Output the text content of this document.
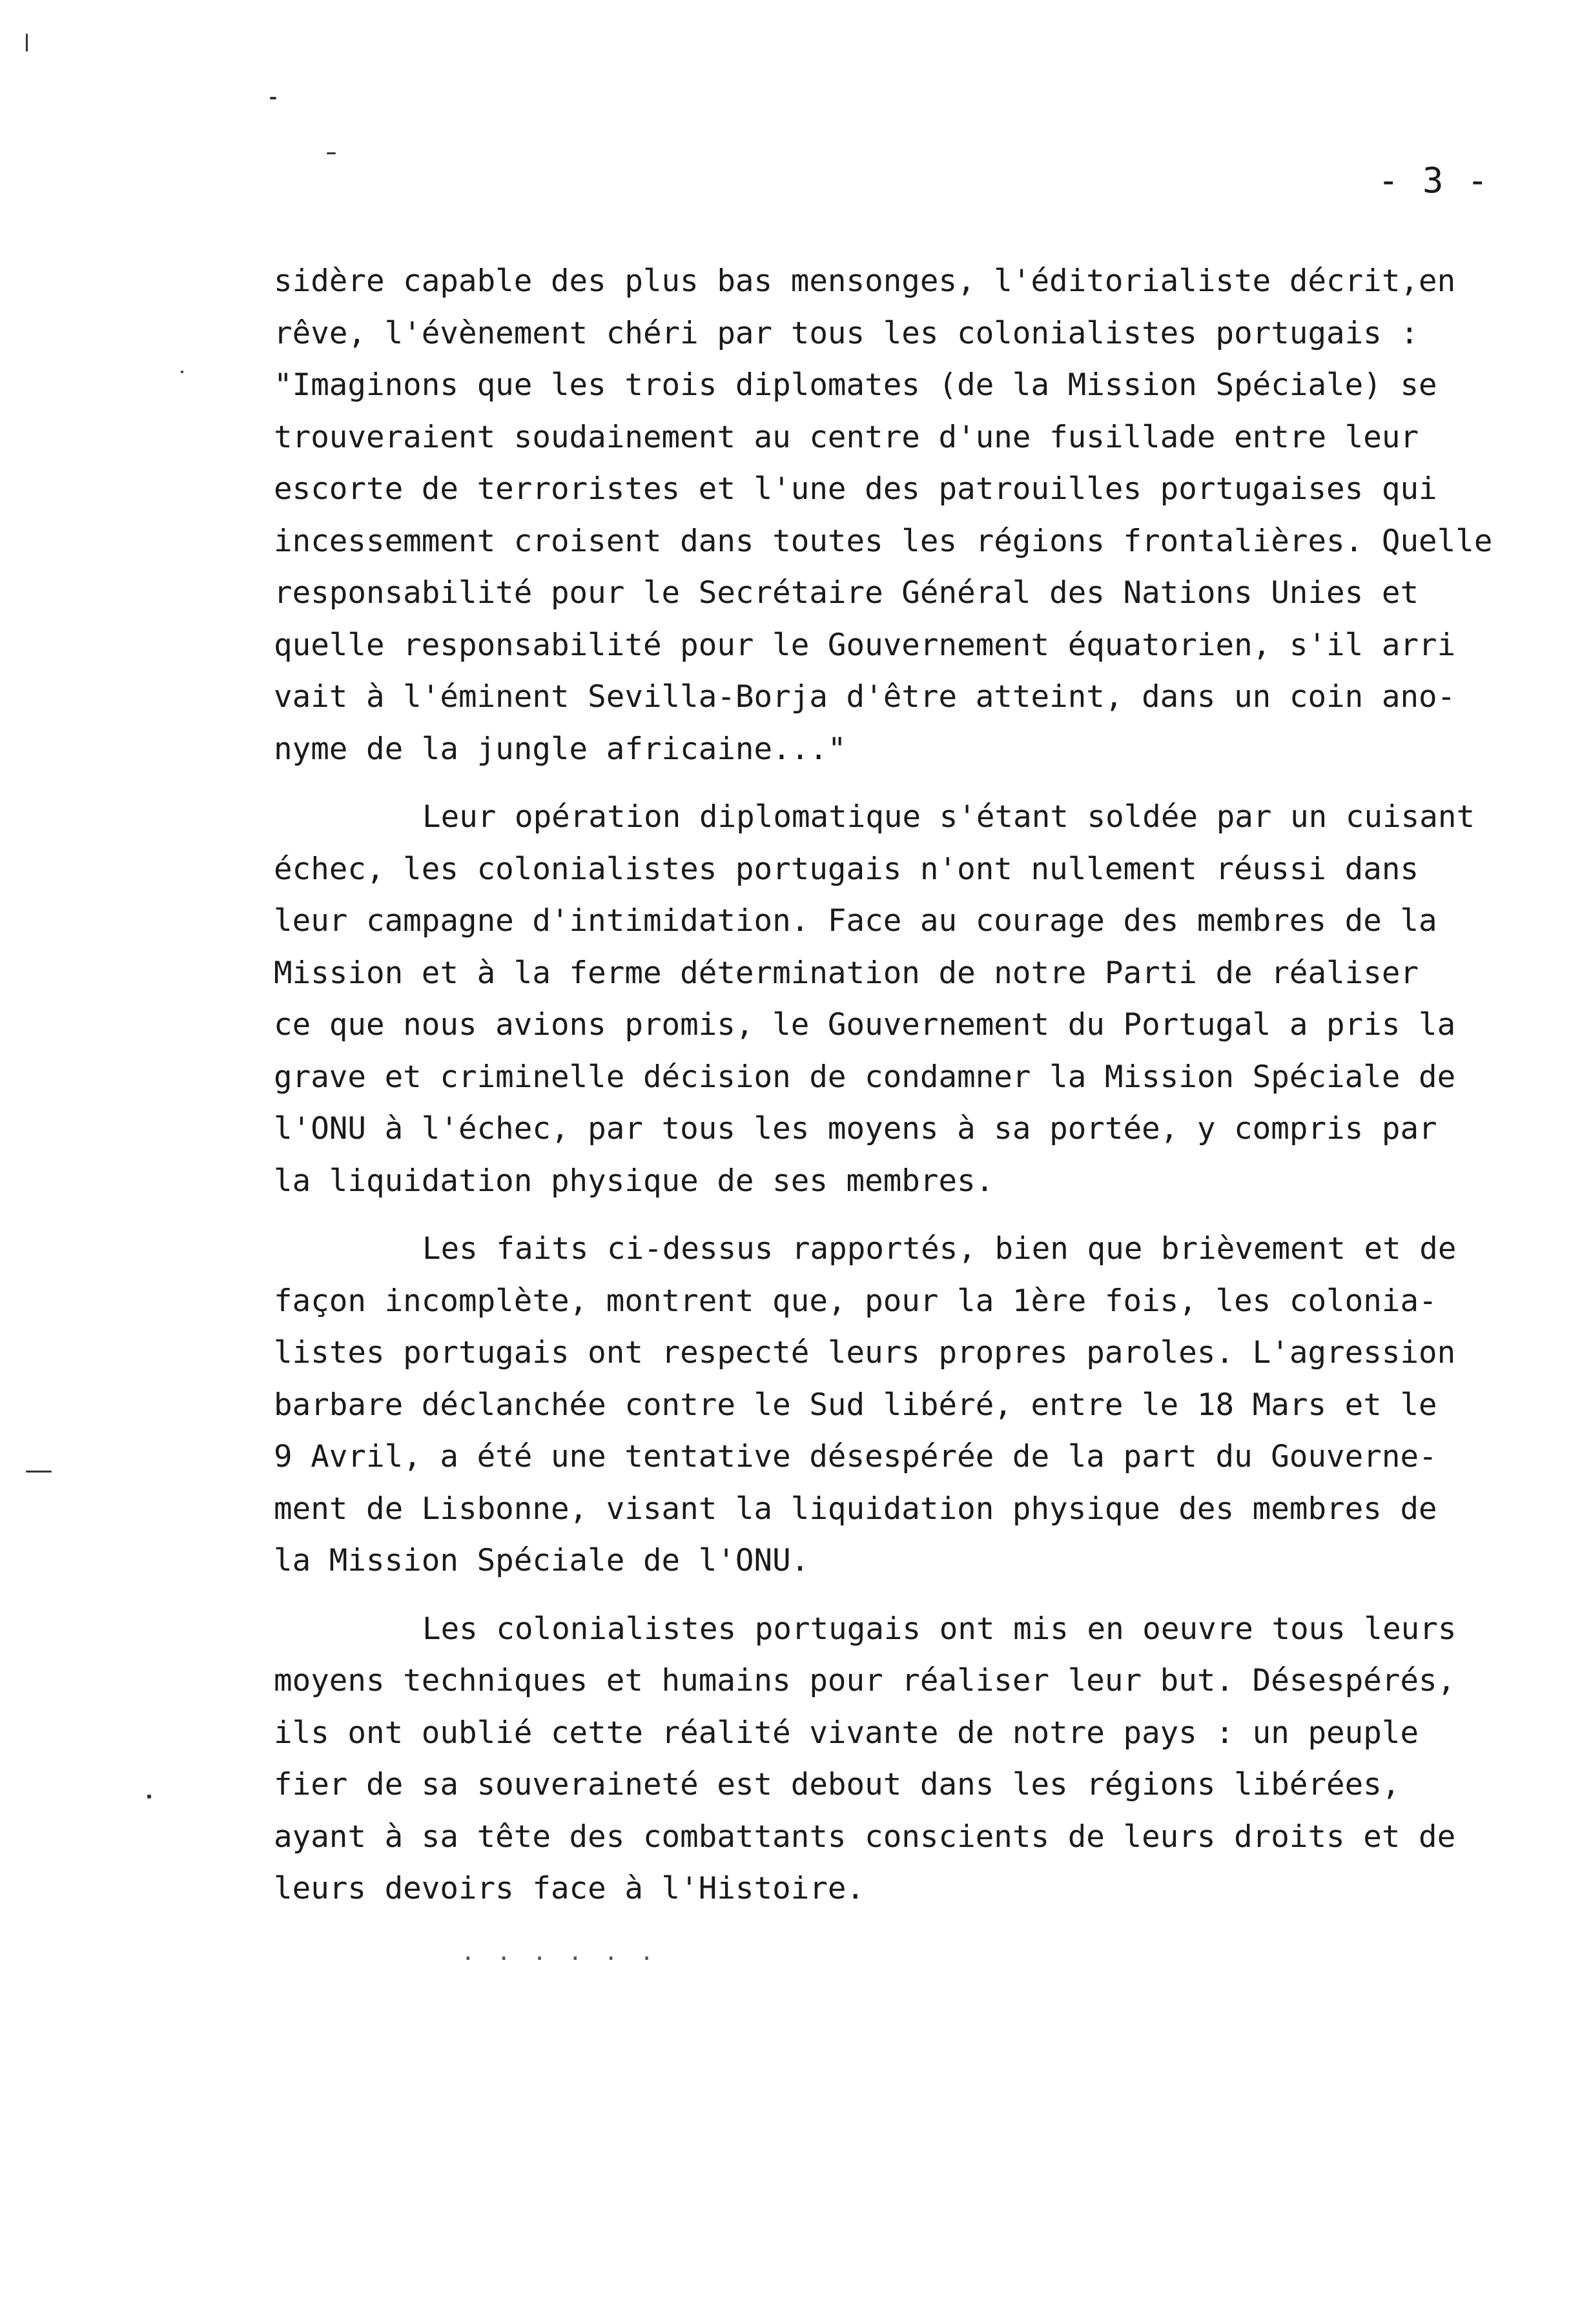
- 3 -
sidère capable des plus bas mensonges, l'éditorialiste décrit,en
rêve, l'évènement chéri par tous les colonialistes portugais :
"Imaginons que les trois diplomates (de la Mission Spéciale) se
trouveraient soudainement au centre d'une fusillade entre leur
escorte de terroristes et l'une des patrouilles portugaises qui
incessemment croisent dans toutes les régions frontalières. Quelle
responsabilité pour le Secrétaire Général des Nations Unies et
quelle responsabilité pour le Gouvernement équatorien, s'il arri
vait à l'éminent Sevilla-Borja d'être atteint, dans un coin ano-
nyme de la jungle africaine..."
Leur opération diplomatique s'étant soldée par un cuisant
échec, les colonialistes portugais n'ont nullement réussi dans
leur campagne d'intimidation. Face au courage des membres de la
Mission et à la ferme détermination de notre Parti de réaliser
ce que nous avions promis, le Gouvernement du Portugal a pris la
grave et criminelle décision de condamner la Mission Spéciale de
l'ONU à l'échec, par tous les moyens à sa portée, y compris par
la liquidation physique de ses membres.
Les faits ci-dessus rapportés, bien que brièvement et de
façon incomplète, montrent que, pour la 1ère fois, les colonia-
listes portugais ont respecté leurs propres paroles. L'agression
barbare déclanchée contre le Sud libéré, entre le 18 Mars et le
9 Avril, a été une tentative désespérée de la part du Gouverne-
ment de Lisbonne, visant la liquidation physique des membres de
la Mission Spéciale de l'ONU.
Les colonialistes portugais ont mis en oeuvre tous leurs
moyens techniques et humains pour réaliser leur but. Désespérés,
ils ont oublié cette réalité vivante de notre pays : un peuple
fier de sa souveraineté est debout dans les régions libérées,
ayant à sa tête des combattants conscients de leurs droits et de
leurs devoirs face à l'Histoire.
. . . . . .
